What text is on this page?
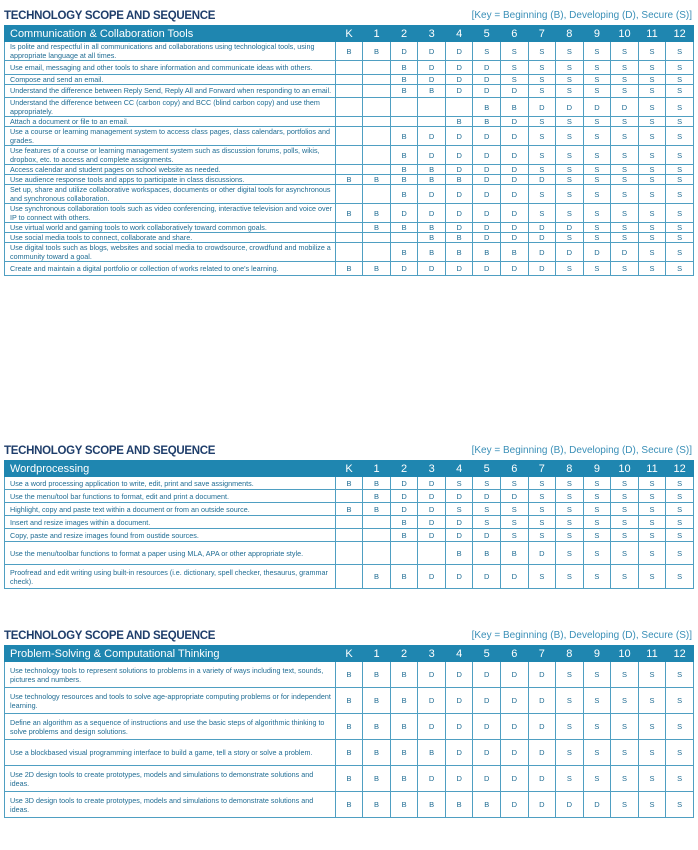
TECHNOLOGY SCOPE AND SEQUENCE	[Key = Beginning (B), Developing (D), Secure (S)]
Communication & Collaboration Tools	K	1	2	3	4	5	6	7	8	9	10	11	12
Is polite and respectful in all communications and collaborations using technological tools, using appropriate language at all times.	B	B	D	D	D	S	S	S	S	S	S	S	S
Use email, messaging and other tools to share information and communicate ideas with others.			B	D	D	D	S	S	S	S	S	S	S
Compose and send an email.			B	D	D	D	S	S	S	S	S	S	S
Understand the difference between Reply Send, Reply All and Forward when responding to an email.			B	B	D	D	D	S	S	S	S	S	S
Understand the difference between CC (carbon copy) and BCC (blind carbon copy) and use them appropriately.						B	B	D	D	D	D	S	S
Attach a document or file to an email.					B	B	D	S	S	S	S	S	S
Use a course or learning management system to access class pages, class calendars, portfolios and grades.			B	D	D	D	D	S	S	S	S	S	S
Use features of a course or learning management system such as discussion forums, polls, wikis, dropbox, etc. to access and complete assignments.			B	D	D	D	D	S	S	S	S	S	S
Access calendar and student pages on school website as needed.			B	B	D	D	D	S	S	S	S	S	S
Use audience response tools and apps to participate in class discussions.	B	B	B	B	B	D	D	D	S	S	S	S	S
Set up, share and utilize collaborative workspaces, documents or other digital tools for asynchronous and synchronous collaboration.			B	D	D	D	D	S	S	S	S	S	S
Use synchronous collaboration tools such as video conferencing, interactive television and voice over IP to connect with others.	B	B	D	D	D	D	D	S	S	S	S	S	S
Use virtual world and gaming tools to work collaboratively toward common goals.		B	B	B	D	D	D	D	D	S	S	S	S
Use social media tools to connect, collaborate and share.				B	B	D	D	D	S	S	S	S	S
Use digital tools such as blogs, websites and social media to crowdsource, crowdfund and mobilize a community toward a goal.			B	B	B	B	B	D	D	D	D	S	S
Create and maintain a digital portfolio or collection of works related to one's learning.	B	B	D	D	D	D	D	D	S	S	S	S	S
TECHNOLOGY SCOPE AND SEQUENCE	[Key = Beginning (B), Developing (D), Secure (S)]
Wordprocessing	K	1	2	3	4	5	6	7	8	9	10	11	12
Use a word processing application to write, edit, print and save assignments.	B	B	D	D	S	S	S	S	S	S	S	S	S
Use the menu/tool bar functions to format, edit and print a document.		B	D	D	D	D	D	S	S	S	S	S	S
Highlight, copy and paste text within a document or from an outside source.	B	B	D	D	S	S	S	S	S	S	S	S	S
Insert and resize images within a document.			B	D	D	S	S	S	S	S	S	S	S
Copy, paste and resize images found from oustide sources.			B	D	D	D	S	S	S	S	S	S	S
Use the menu/toolbar functions to format a paper using MLA, APA or other appropriate style.					B	B	B	D	S	S	S	S	S
Proofread and edit writing using built-in resources (i.e. dictionary, spell checker, thesaurus, grammar check).		B	B	D	D	D	D	S	S	S	S	S	S
TECHNOLOGY SCOPE AND SEQUENCE	[Key = Beginning (B), Developing (D), Secure (S)]
Problem-Solving & Computational Thinking	K	1	2	3	4	5	6	7	8	9	10	11	12
Use technology tools to represent solutions to problems in a variety of ways including text, sounds, pictures and numbers.	B	B	B	D	D	D	D	D	S	S	S	S	S
Use technology resources and tools to solve age-appropriate computing problems or for independent learning.	B	B	B	D	D	D	D	D	S	S	S	S	S
Define an algorithm as a sequence of instructions and use the basic steps of algorithmic thinking to solve problems and design solutions.	B	B	B	D	D	D	D	D	S	S	S	S	S
Use a blockbased visual programming interface to build a game, tell a story or solve a problem.	B	B	B	B	D	D	D	D	S	S	S	S	S
Use 2D design tools to create prototypes, models and simulations to demonstrate solutions and ideas.	B	B	B	D	D	D	D	D	S	S	S	S	S
Use 3D design tools to create prototypes, models and simulations to demonstrate solutions and ideas.	B	B	B	B	B	B	D	D	D	D	S	S	S
